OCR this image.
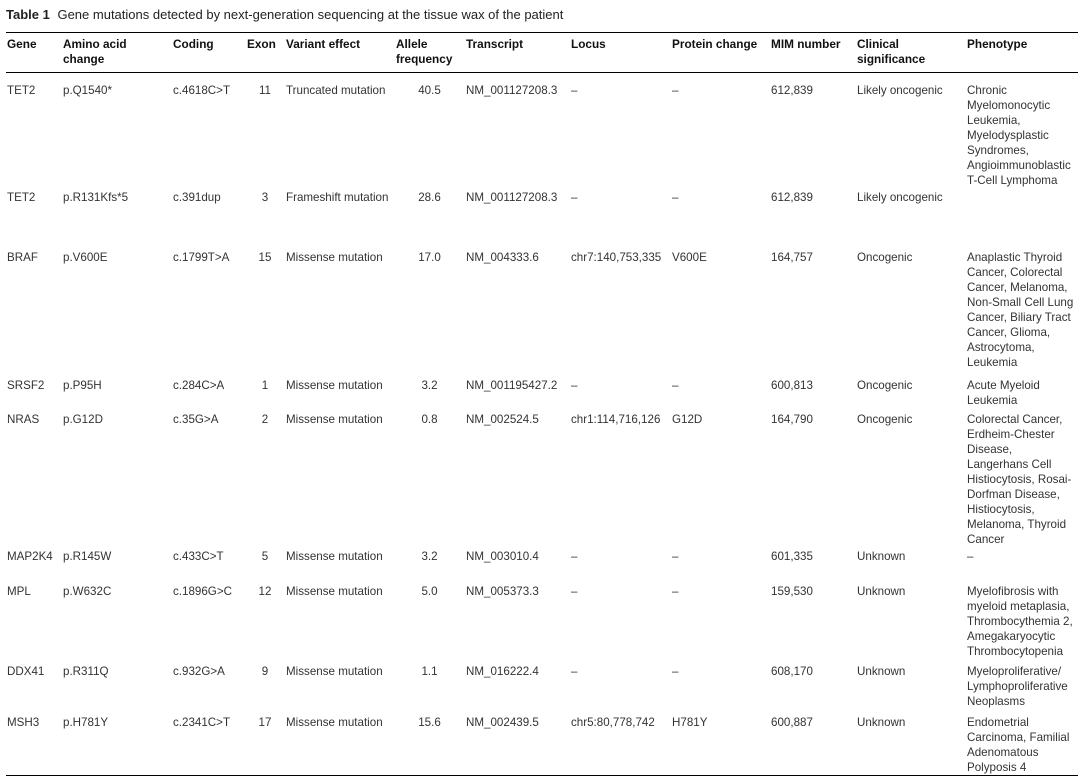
Table 1 Gene mutations detected by next-generation sequencing at the tissue wax of the patient
Gene	Amino acid change	Coding	Exon	Variant effect	Allele frequency	Transcript	Locus	Protein change	MIM number	Clinical significance	Phenotype
TET2	p.Q1540*	c.4618C>T	11	Truncated mutation	40.5	NM_001127208.3	–	–	612,839	Likely oncogenic	Chronic Myelomonocytic Leukemia, Myelodysplastic Syndromes, Angioimmunoblastic T-Cell Lymphoma
TET2	p.R131Kfs*5	c.391dup	3	Frameshift mutation	28.6	NM_001127208.3	–	–	612,839	Likely oncogenic	
BRAF	p.V600E	c.1799T>A	15	Missense mutation	17.0	NM_004333.6	chr7:140,753,335	V600E	164,757	Oncogenic	Anaplastic Thyroid Cancer, Colorectal Cancer, Melanoma, Non-Small Cell Lung Cancer, Biliary Tract Cancer, Glioma, Astrocytoma, Leukemia
SRSF2	p.P95H	c.284C>A	1	Missense mutation	3.2	NM_001195427.2	–	–	600,813	Oncogenic	Acute Myeloid Leukemia
NRAS	p.G12D	c.35G>A	2	Missense mutation	0.8	NM_002524.5	chr1:114,716,126	G12D	164,790	Oncogenic	Colorectal Cancer, Erdheim-Chester Disease, Langerhans Cell Histiocytosis, Rosai-Dorfman Disease, Histiocytosis, Melanoma, Thyroid Cancer
MAP2K4	p.R145W	c.433C>T	5	Missense mutation	3.2	NM_003010.4	–	–	601,335	Unknown	–
MPL	p.W632C	c.1896G>C	12	Missense mutation	5.0	NM_005373.3	–	–	159,530	Unknown	Myelofibrosis with myeloid metaplasia, Thrombocythemia 2, Amegakaryocytic Thrombocytopenia
DDX41	p.R311Q	c.932G>A	9	Missense mutation	1.1	NM_016222.4	–	–	608,170	Unknown	Myeloproliferative/ Lymphoproliferative Neoplasms
MSH3	p.H781Y	c.2341C>T	17	Missense mutation	15.6	NM_002439.5	chr5:80,778,742	H781Y	600,887	Unknown	Endometrial Carcinoma, Familial Adenomatous Polyposis 4
